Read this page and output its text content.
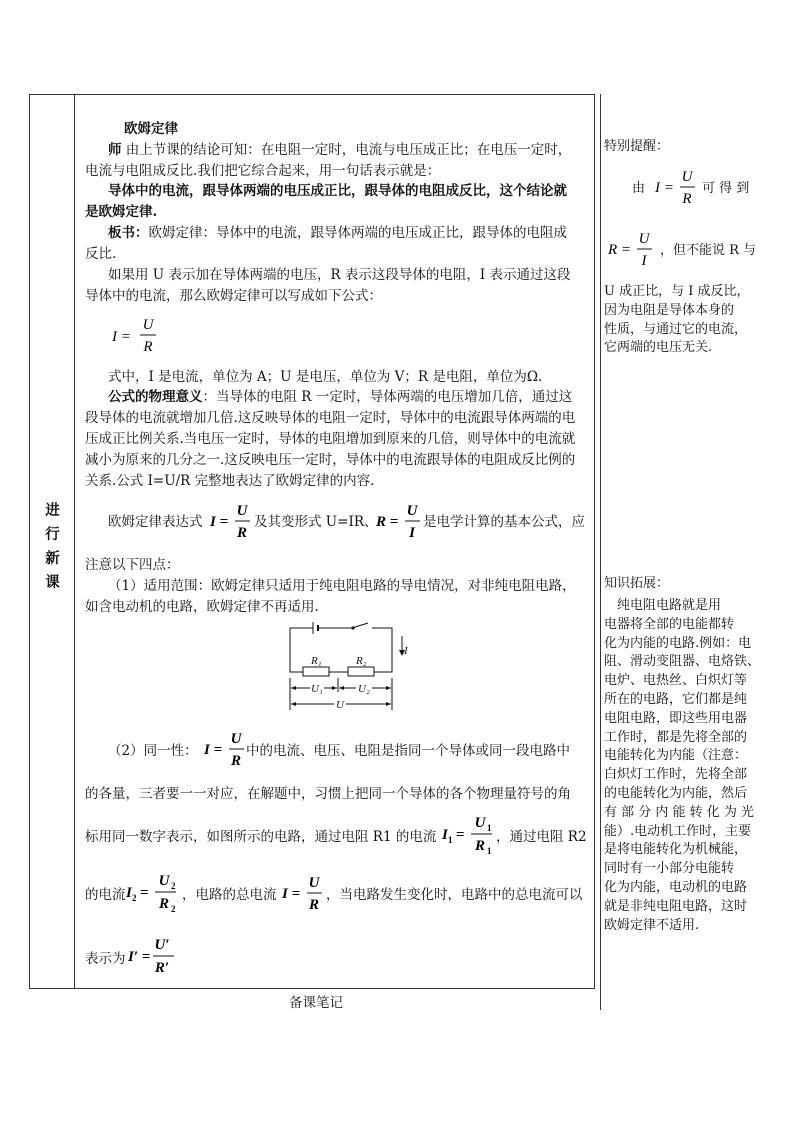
进
行
新
课
欧姆定律
师 由上节课的结论可知：在电阻一定时，电流与电压成正比；在电压一定时，
电流与电阻成反比.我们把它综合起来，用一句话表示就是：
导体中的电流，跟导体两端的电压成正比，跟导体的电阻成反比，这个结论就
是欧姆定律.
板书：欧姆定律：导体中的电流，跟导体两端的电压成正比，跟导体的电阻成
反比.
如果用 U 表示加在导体两端的电压，R 表示这段导体的电阻，I 表示通过这段
导体中的电流，那么欧姆定律可以写成如下公式：
I =
U
R
式中，I 是电流，单位为 A；U 是电压，单位为 V；R 是电阻，单位为Ω.
公式的物理意义：当导体的电阻 R 一定时，导体两端的电压增加几倍，通过这
段导体的电流就增加几倍.这反映导体的电阻一定时，导体中的电流跟导体两端的电
压成正比例关系.当电压一定时，导体的电阻增加到原来的几倍，则导体中的电流就
减小为原来的几分之一.这反映电压一定时，导体中的电流跟导体的电阻成反比例的
关系.公式 I=U/R 完整地表达了欧姆定律的内容.
欧姆定律表达式 I =
U
R
及其变形式 U=IR、
R =
U
I
是电学计算的基本公式，应
注意以下四点：
（1）适用范围：欧姆定律只适用于纯电阻电路的导电情况，对非纯电阻电路，
如含电动机的电路，欧姆定律不再适用.
R₁	R₂
U₁	U₂
U
I
（2）同一性： I =
U
R
中的电流、电压、电阻是指同一个导体或同一段电路中
的各量，三者要一一对应，在解题中，习惯上把同一个导体的各个物理量符号的角
标用同一数字表示，如图所示的电路，通过电阻 R1 的电流 I 1 =
U 1
R 1
，通过电阻 R2
的电流 I 2 =
U 2
R 2
，电路的总电流 I =
U
R
，当电路发生变化时，电路中的总电流可以
表示为 I′ =
U′
R′
备课笔记
特别提醒：
由 I =
U
R
可 得 到
R =
U
I
，但不能说 R 与
U 成正比，与 I 成反比，
因为电阻是导体本身的
性质，与通过它的电流，
它两端的电压无关.
知识拓展：
　纯电阻电路就是用
电器将全部的电能都转
化为内能的电路.例如：电
阻、滑动变阻器、电烙铁、
电炉、电热丝、白炽灯等
所在的电路，它们都是纯
电阻电路，即这些用电器
工作时，都是先将全部的
电能转化为内能（注意：
白炽灯工作时，先将全部
的电能转化为内能，然后
有 部 分 内 能 转 化 为 光
能）.电动机工作时，主要
是将电能转化为机械能，
同时有一小部分电能转
化为内能，电动机的电路
就是非纯电阻电路，这时
欧姆定律不适用.
